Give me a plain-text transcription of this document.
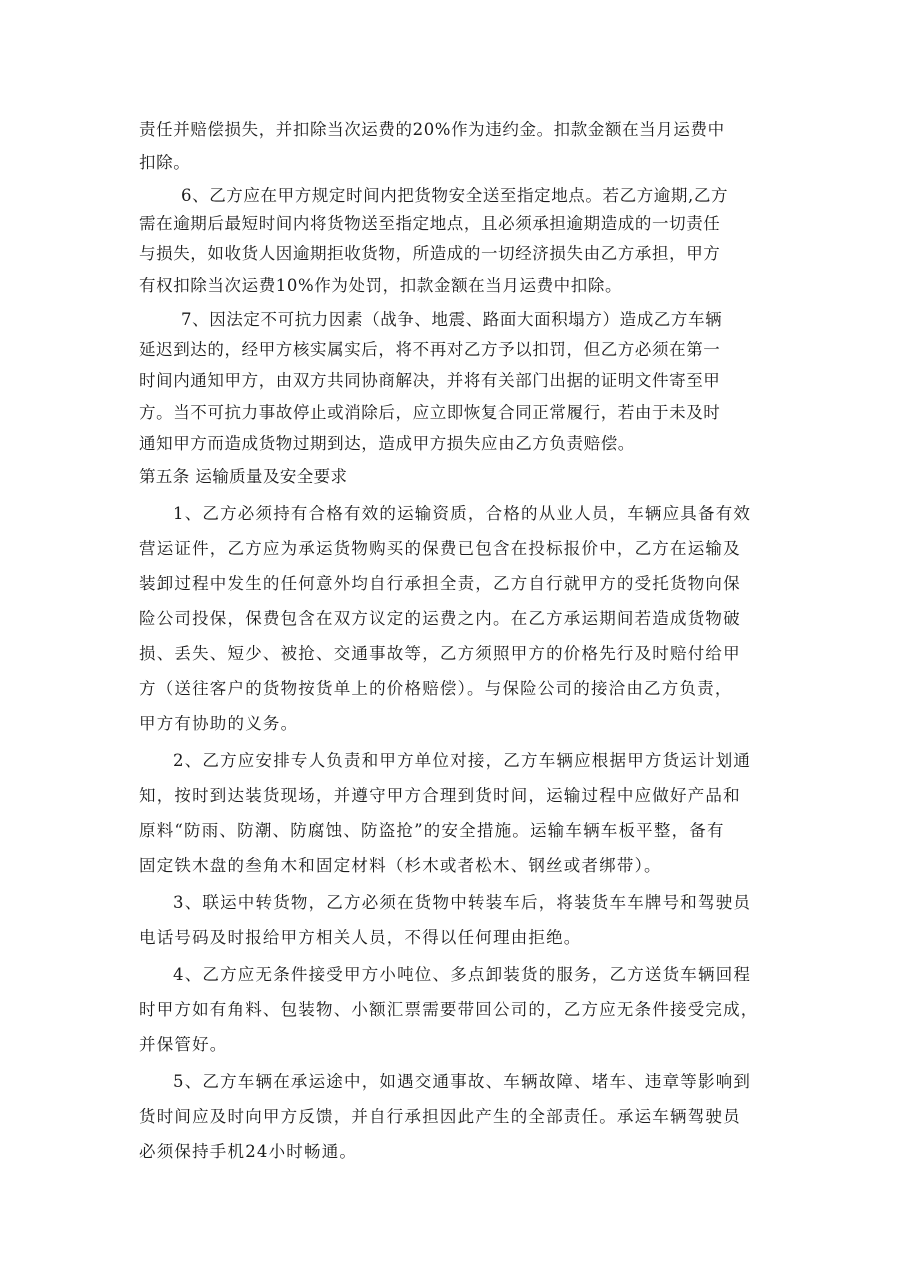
责任并赔偿损失，并扣除当次运费的20%作为违约金。扣款金额在当月运费中
扣除。
6、乙方应在甲方规定时间内把货物安全送至指定地点。若乙方逾期,乙方
需在逾期后最短时间内将货物送至指定地点，且必须承担逾期造成的一切责任
与损失，如收货人因逾期拒收货物，所造成的一切经济损失由乙方承担，甲方
有权扣除当次运费10%作为处罚，扣款金额在当月运费中扣除。
7、因法定不可抗力因素（战争、地震、路面大面积塌方）造成乙方车辆
延迟到达的，经甲方核实属实后，将不再对乙方予以扣罚，但乙方必须在第一
时间内通知甲方，由双方共同协商解决，并将有关部门出据的证明文件寄至甲
方。当不可抗力事故停止或消除后，应立即恢复合同正常履行，若由于未及时
通知甲方而造成货物过期到达，造成甲方损失应由乙方负责赔偿。
第五条 运输质量及安全要求
1、乙方必须持有合格有效的运输资质，合格的从业人员，车辆应具备有效
营运证件，乙方应为承运货物购买的保费已包含在投标报价中，乙方在运输及
装卸过程中发生的任何意外均自行承担全责，乙方自行就甲方的受托货物向保
险公司投保，保费包含在双方议定的运费之内。在乙方承运期间若造成货物破
损、丢失、短少、被抢、交通事故等，乙方须照甲方的价格先行及时赔付给甲
方（送往客户的货物按货单上的价格赔偿）。与保险公司的接洽由乙方负责，
甲方有协助的义务。
2、乙方应安排专人负责和甲方单位对接，乙方车辆应根据甲方货运计划通
知，按时到达装货现场，并遵守甲方合理到货时间，运输过程中应做好产品和
原料“防雨、防潮、防腐蚀、防盗抢”的安全措施。运输车辆车板平整，备有
固定铁木盘的叁角木和固定材料（杉木或者松木、钢丝或者绑带）。
3、联运中转货物，乙方必须在货物中转装车后，将装货车车牌号和驾驶员
电话号码及时报给甲方相关人员，不得以任何理由拒绝。
4、乙方应无条件接受甲方小吨位、多点卸装货的服务，乙方送货车辆回程
时甲方如有角料、包装物、小额汇票需要带回公司的，乙方应无条件接受完成，
并保管好。
5、乙方车辆在承运途中，如遇交通事故、车辆故障、堵车、违章等影响到
货时间应及时向甲方反馈，并自行承担因此产生的全部责任。承运车辆驾驶员
必须保持手机24小时畅通。
